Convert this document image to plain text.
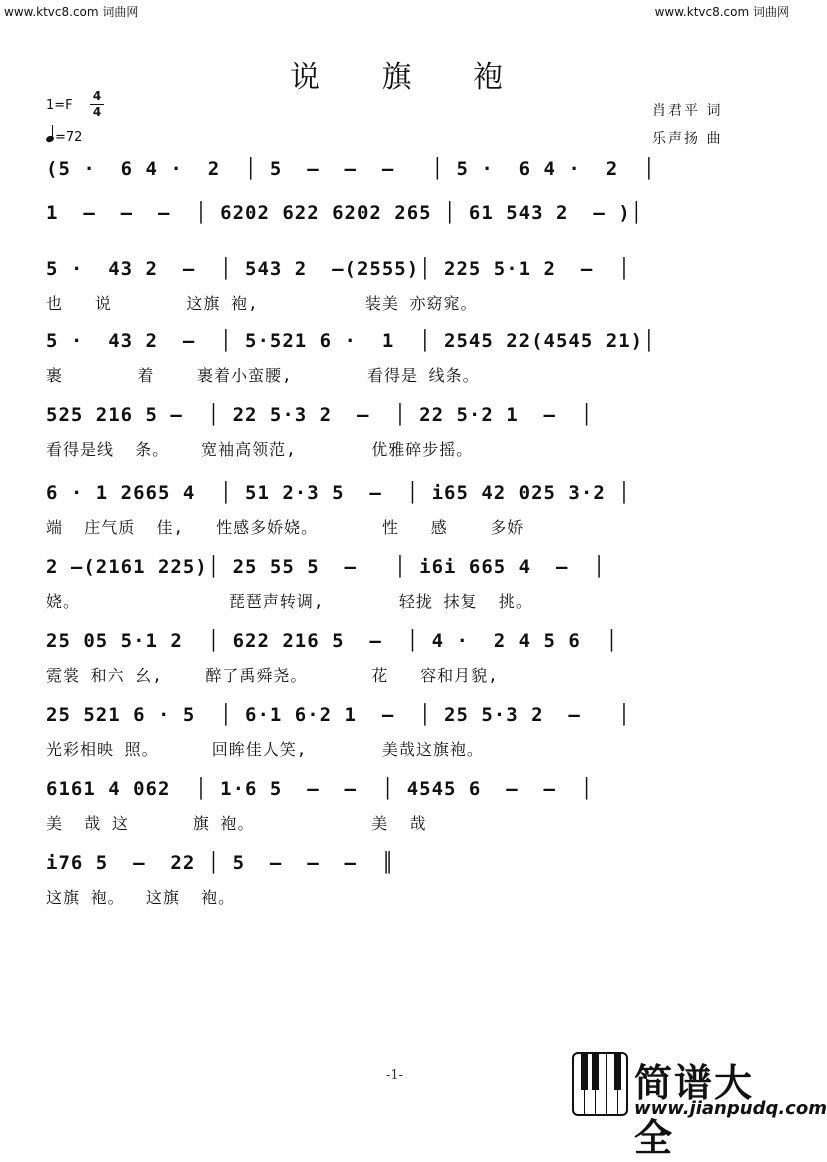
www.ktvc8.com 词曲网	www.ktvc8.com 词曲网
说 旗 袍
1=F
4
4
=72
肖君平 词
乐声扬 曲
(5 ·  6 4 ·  2  │ 5  –  –  –   │ 5 ·  6 4 ·  2  │
1  –  –  –  │ 6202 622 6202 265 │ 61 543 2  – )│
5 ·  43 2  –  │ 543 2  –(2555)│ 225 5·1 2  –  │
也   说       这旗 袍,          装美 亦窈窕。
5 ·  43 2  –  │ 5·521 6 ·  1  │ 2545 22(4545 21)│
裹       着    裹着小蛮腰,       看得是 线条。
525 216 5 –  │ 22 5·3 2  –  │ 22 5·2 1  –  │
看得是线  条。   宽袖高领范,       优雅碎步摇。
6 · 1 2665 4  │ 51 2·3 5  –  │ i65 42 025 3·2 │
端  庄气质  佳,   性感多娇娆。      性   感    多娇
2 –(2161 225)│ 25 55 5  –   │ i6i 665 4  –  │
娆。              琵琶声转调,       轻拢 抹复  挑。
25 05 5·1 2  │ 622 216 5  –  │ 4 ·  2 4 5 6  │
霓裳 和六 幺,    醉了禹舜尧。      花   容和月貌,
25 521 6 · 5  │ 6·1 6·2 1  –  │ 25 5·3 2  –   │
光彩相映 照。     回眸佳人笑,       美哉这旗袍。
6161 4 062  │ 1·6 5  –  –  │ 4545 6  –  –  │
美  哉 这      旗 袍。           美  哉
i76 5  –  22 │ 5  –  –  –  ║
这旗 袍。  这旗  袍。
-1-	简谱大全
www.jianpudq.com
